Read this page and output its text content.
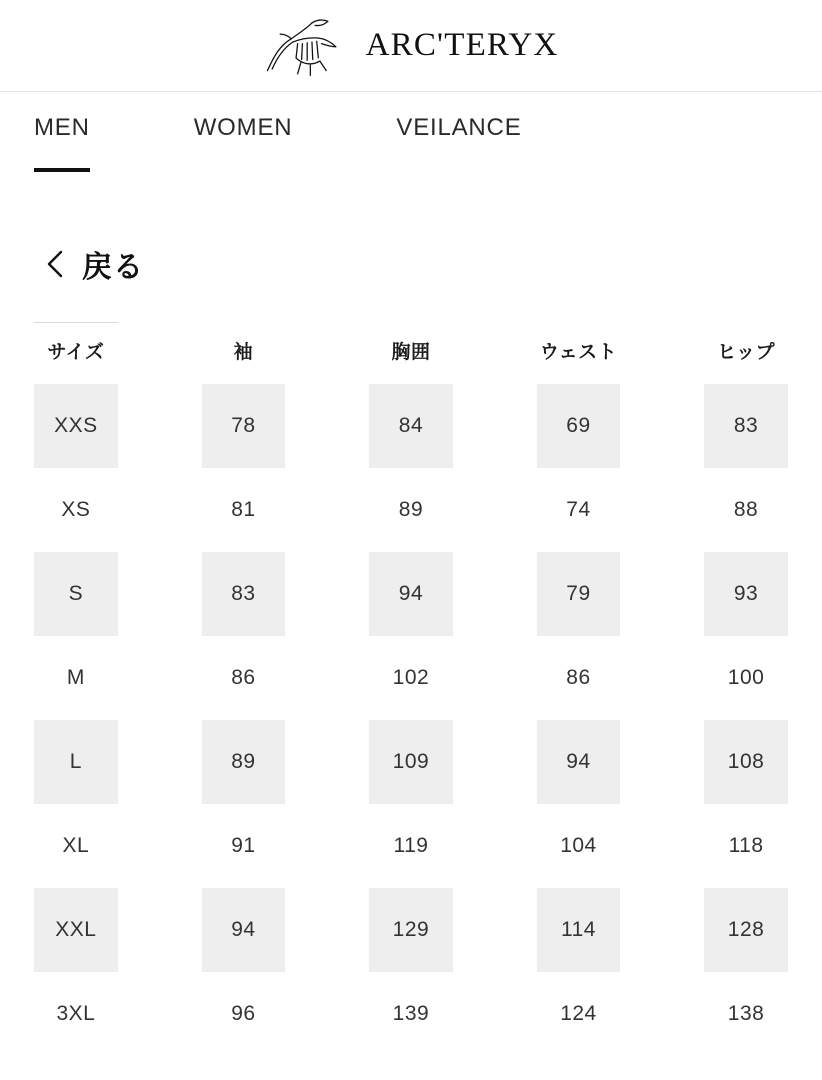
ARC'TERYX
MEN	WOMEN	VEILANCE
戻る
サイズ		袖		胸囲		ウェスト		ヒップ
XXS		78		84		69		83
XS		81		89		74		88
S		83		94		79		93
M		86		102		86		100
L		89		109		94		108
XL		91		119		104		118
XXL		94		129		114		128
3XL		96		139		124		138
